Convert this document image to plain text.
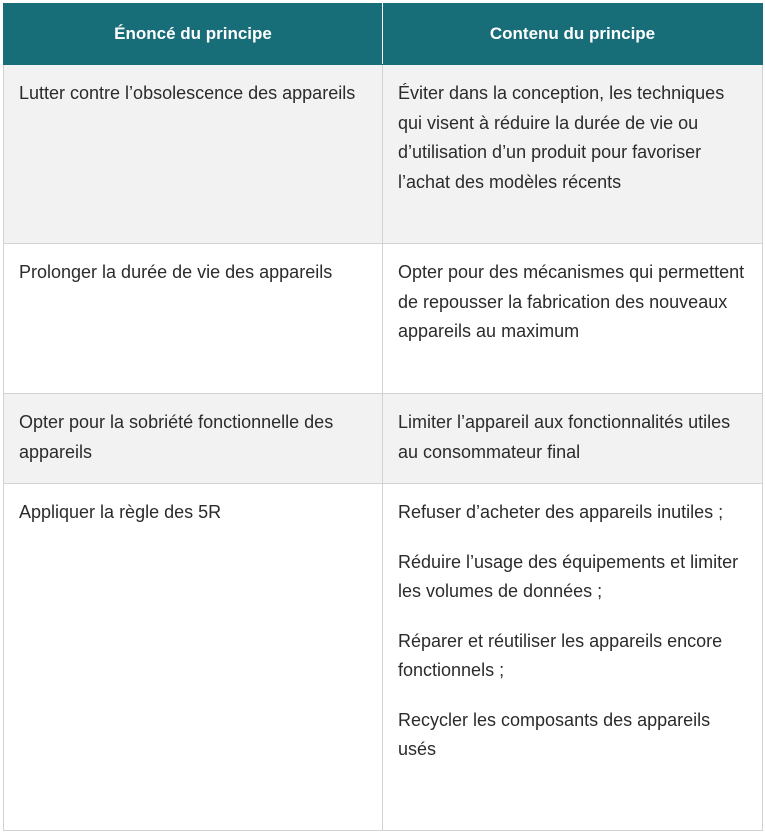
Énoncé du principe	Contenu du principe
Lutter contre l’obsolescence des appareils	Éviter dans la conception, les techniques qui visent à réduire la durée de vie ou d’utilisation d’un produit pour favoriser l’achat des modèles récents
Prolonger la durée de vie des appareils	Opter pour des mécanismes qui permettent de repousser la fabrication des nouveaux appareils au maximum
Opter pour la sobriété fonctionnelle des appareils	Limiter l’appareil aux fonctionnalités utiles au consommateur final
Appliquer la règle des 5R	Refuser d’acheter des appareils inutiles ;
Réduire l’usage des équipements et limiter les volumes de données ;
Réparer et réutiliser les appareils encore fonctionnels ;
Recycler les composants des appareils usés
